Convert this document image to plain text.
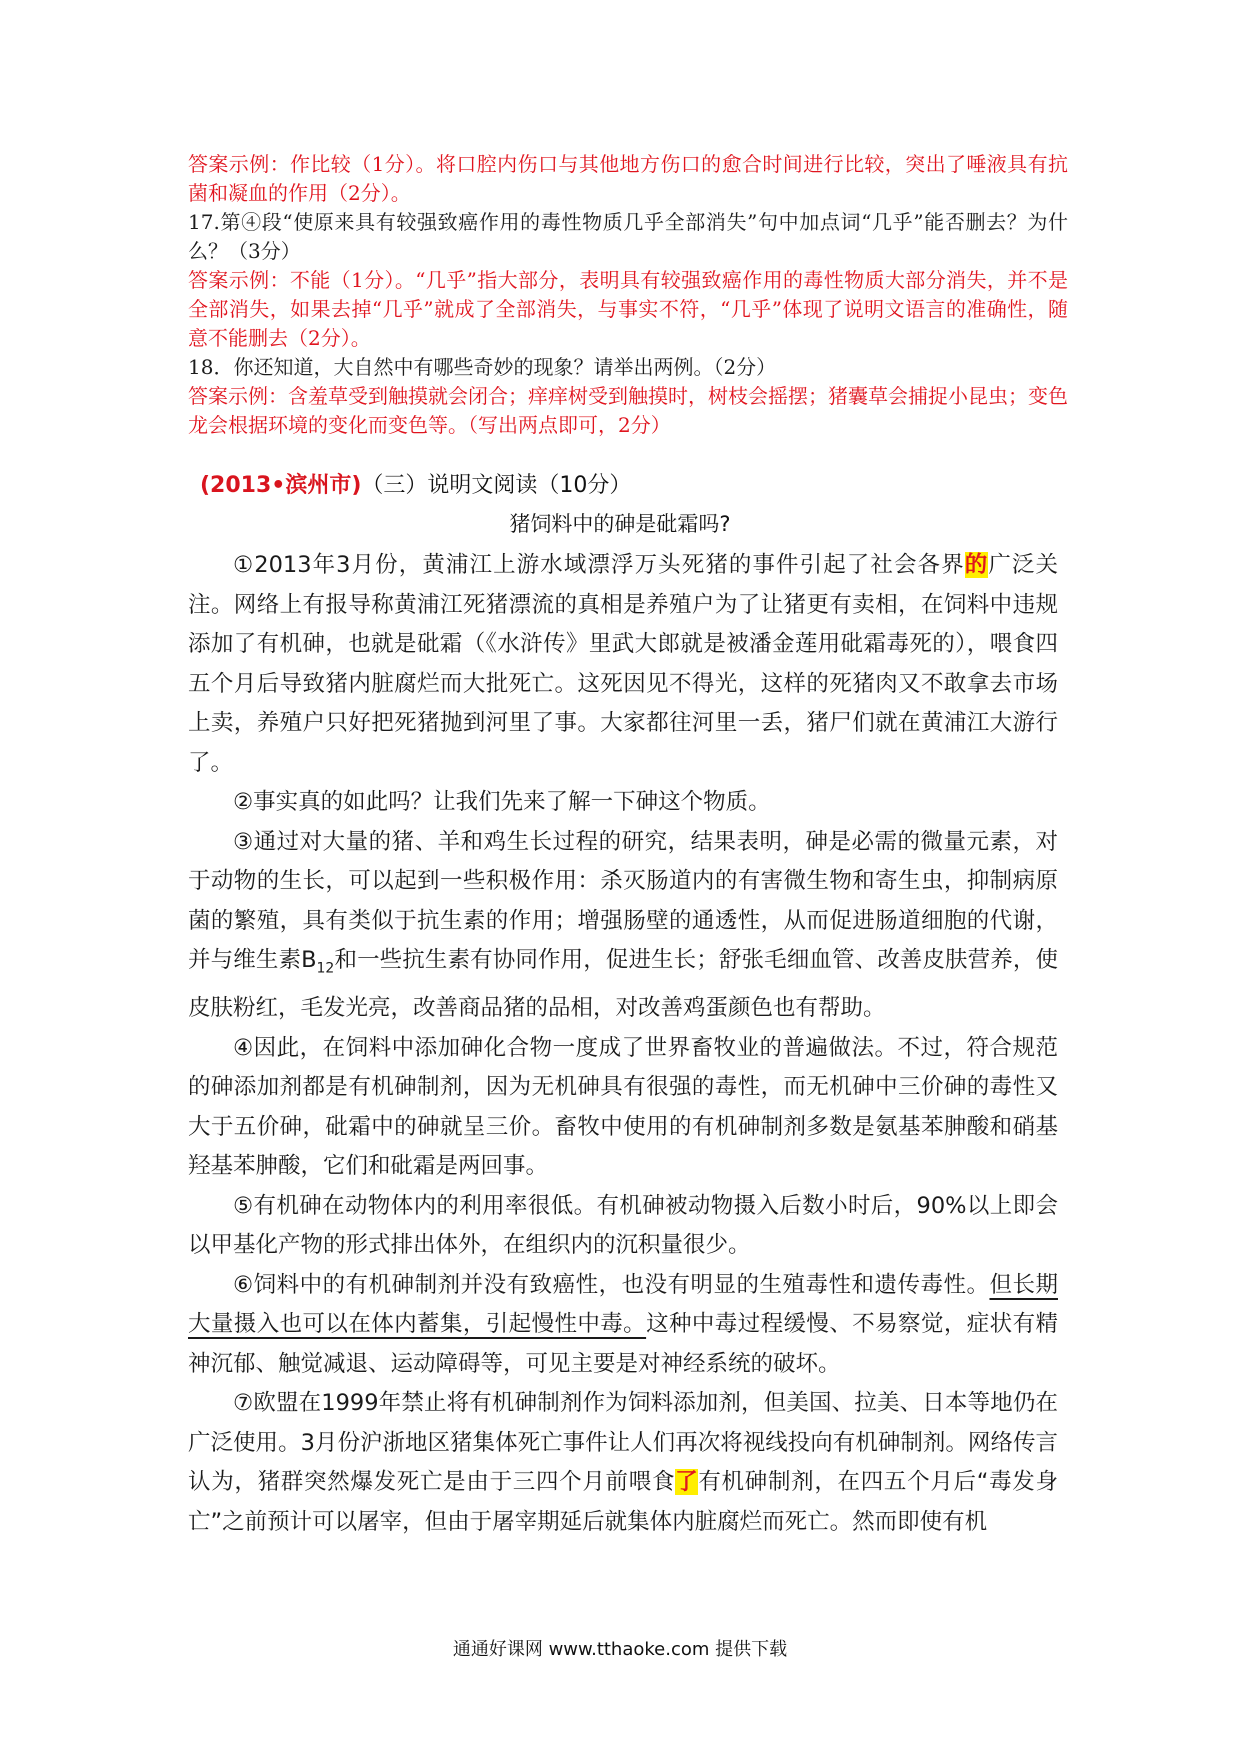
答案示例：作比较（1分）。将口腔内伤口与其他地方伤口的愈合时间进行比较，突出了唾液具有抗菌和凝血的作用（2分）。

17.第④段“使原来具有较强致癌作用的毒性物质几乎全部消失”句中加点词“几乎”能否删去？为什么？（3分）

答案示例：不能（1分）。“几乎”指大部分，表明具有较强致癌作用的毒性物质大部分消失，并不是全部消失，如果去掉“几乎”就成了全部消失，与事实不符，“几乎”体现了说明文语言的准确性，随意不能删去（2分）。

18．你还知道，大自然中有哪些奇妙的现象？请举出两例。（2分）

答案示例：含羞草受到触摸就会闭合；痒痒树受到触摸时，树枝会摇摆；猪囊草会捕捉小昆虫；变色龙会根据环境的变化而变色等。（写出两点即可，2分）

(2013•滨州市)（三）说明文阅读（10分）
猪饲料中的砷是砒霜吗?

①2013年3月份，黄浦江上游水域漂浮万头死猪的事件引起了社会各界的广泛关注。网络上有报导称黄浦江死猪漂流的真相是养殖户为了让猪更有卖相，在饲料中违规添加了有机砷，也就是砒霜（《水浒传》里武大郎就是被潘金莲用砒霜毒死的），喂食四五个月后导致猪内脏腐烂而大批死亡。这死因见不得光，这样的死猪肉又不敢拿去市场上卖，养殖户只好把死猪抛到河里了事。大家都往河里一丢，猪尸们就在黄浦江大游行了。

②事实真的如此吗？让我们先来了解一下砷这个物质。

③通过对大量的猪、羊和鸡生长过程的研究，结果表明，砷是必需的微量元素，对于动物的生长，可以起到一些积极作用：杀灭肠道内的有害微生物和寄生虫，抑制病原菌的繁殖，具有类似于抗生素的作用；增强肠壁的通透性，从而促进肠道细胞的代谢，并与维生素$B_{12}$和一些抗生素有协同作用，促进生长；舒张毛细血管、改善皮肤营养，使皮肤粉红，毛发光亮，改善商品猪的品相，对改善鸡蛋颜色也有帮助。

④因此，在饲料中添加砷化合物一度成了世界畜牧业的普遍做法。不过，符合规范的砷添加剂都是有机砷制剂，因为无机砷具有很强的毒性，而无机砷中三价砷的毒性又大于五价砷，砒霜中的砷就呈三价。畜牧中使用的有机砷制剂多数是氨基苯胂酸和硝基羟基苯胂酸，它们和砒霜是两回事。

⑤有机砷在动物体内的利用率很低。有机砷被动物摄入后数小时后，90%以上即会以甲基化产物的形式排出体外，在组织内的沉积量很少。

⑥饲料中的有机砷制剂并没有致癌性，也没有明显的生殖毒性和遗传毒性。但长期大量摄入也可以在体内蓄集，引起慢性中毒。这种中毒过程缓慢、不易察觉，症状有精神沉郁、触觉减退、运动障碍等，可见主要是对神经系统的破坏。

⑦欧盟在1999年禁止将有机砷制剂作为饲料添加剂，但美国、拉美、日本等地仍在广泛使用。3月份沪浙地区猪集体死亡事件让人们再次将视线投向有机砷制剂。网络传言认为，猪群突然爆发死亡是由于三四个月前喂食了有机砷制剂，在四五个月后“毒发身亡”之前预计可以屠宰，但由于屠宰期延后就集体内脏腐烂而死亡。然而即使有机

通通好课网 www.tthaoke.com 提供下载
